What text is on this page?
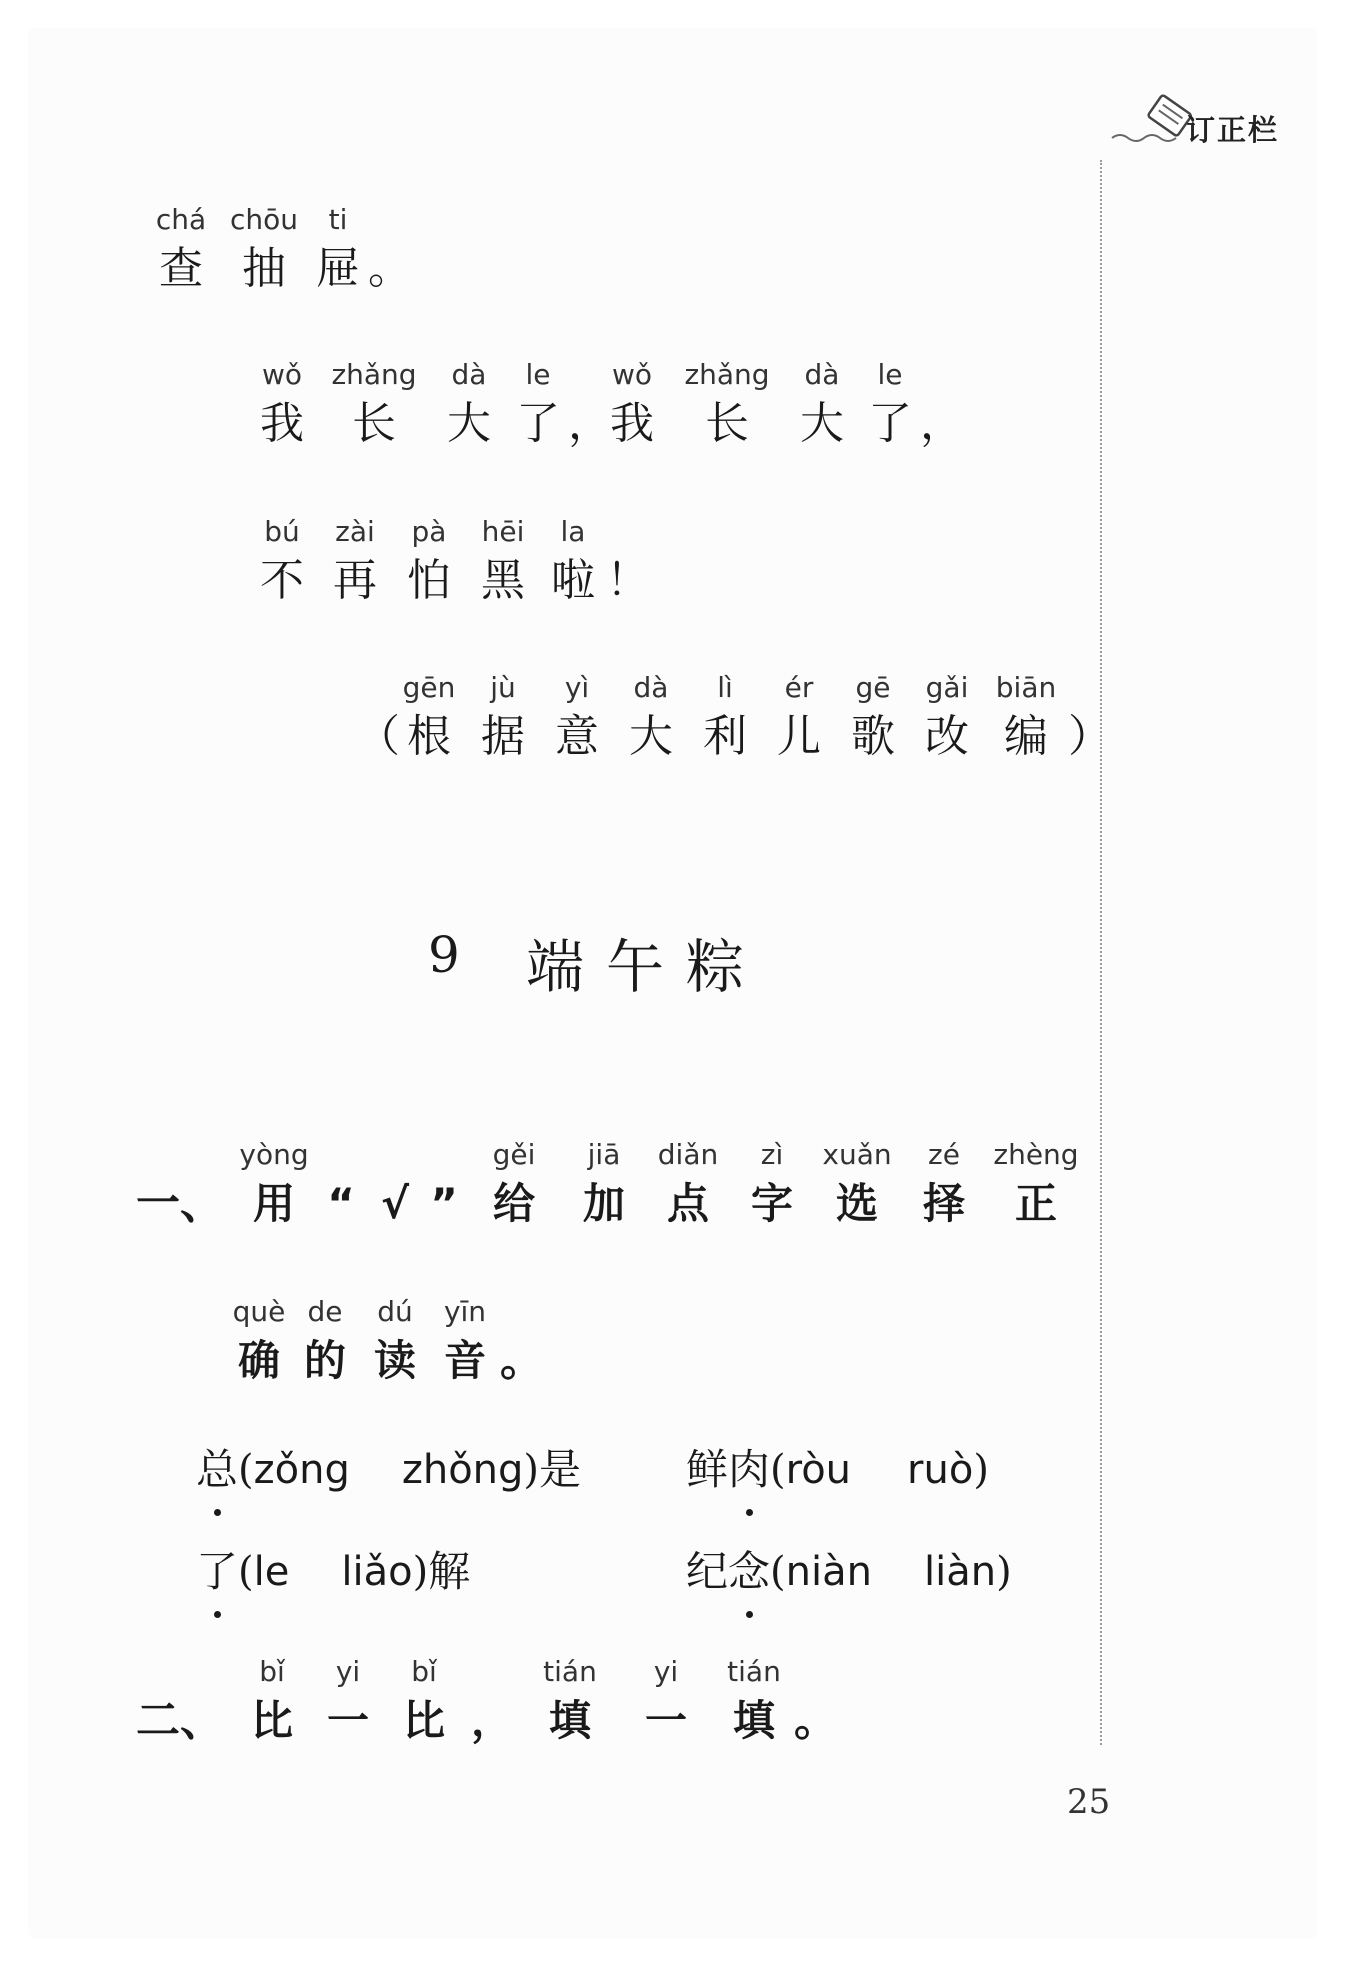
订正栏
chá
查
chōu
抽
ti
屉 。
wǒ
我
zhǎng
长
dà
大
le
了 ，
wǒ
我
zhǎng
长
dà
大
le
了 ，
bú
不
zài
再
pà
怕
hēi
黑
la
啦 ！
（
gēn
根
jù
据
yì
意
dà
大
lì
利
ér
儿
gē
歌
gǎi
改
biān
编 ）
9 端午粽
一、
yòng
用 “ √ ”
gěi
给
jiā
加
diǎn
点
zì
字
xuǎn
选
zé
择
zhèng
正
què
确
de
的
dú
读
yīn
音 。
总 ( zǒng zhǒng ) 是 鲜 肉 ( ròu ruò )
了 ( le liǎo ) 解	纪 念 ( niàn liàn )
二、
bǐ
比
yi
一
bǐ
比 ，
tián
填
yi
一
tián
填 。
25
